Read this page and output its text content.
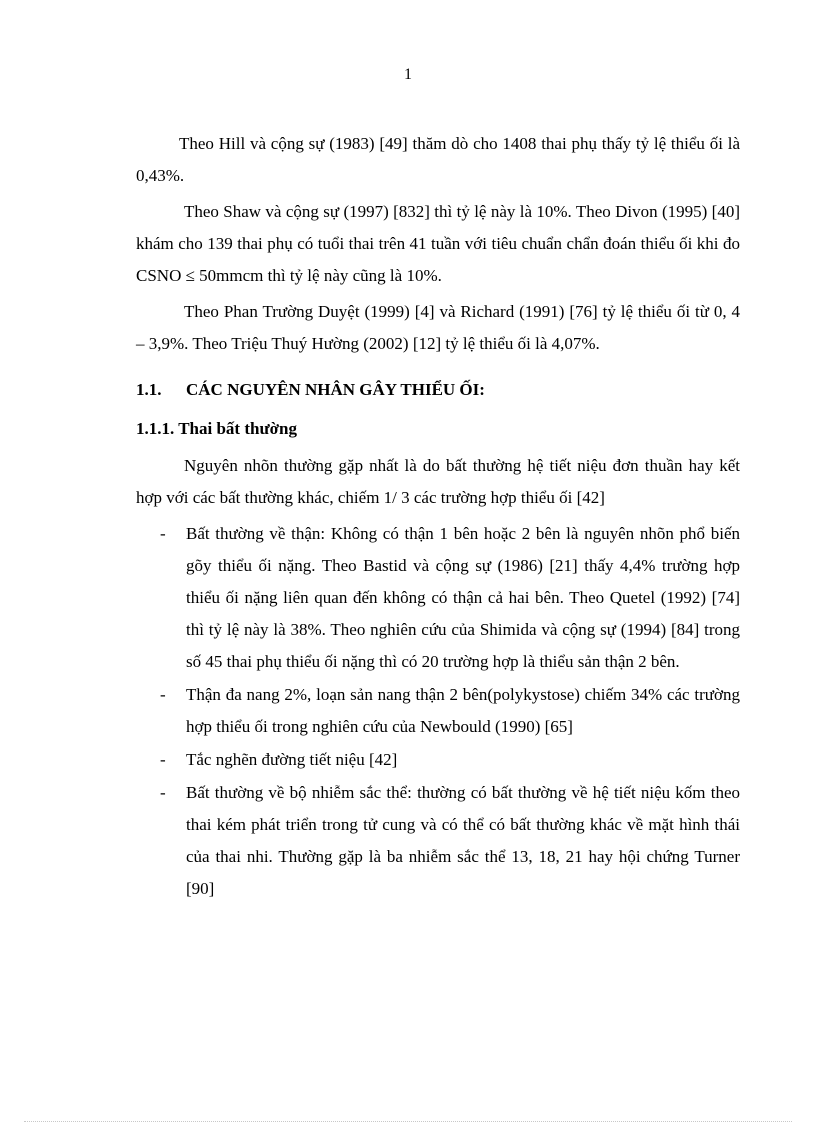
1

Theo Hill và cộng sự (1983) [49] thăm dò cho 1408 thai phụ thấy tỷ lệ thiểu ối là 0,43%.

Theo Shaw và cộng sự (1997) [832] thì tỷ lệ này là 10%. Theo Divon (1995) [40] khám cho 139 thai phụ có tuổi thai trên 41 tuần với tiêu chuẩn chẩn đoán thiểu ối khi đo CSNO ≤ 50mmcm thì tỷ lệ này cũng là 10%.

Theo Phan Trường Duyệt (1999) [4] và Richard (1991) [76] tỷ lệ thiểu ối từ 0, 4 – 3,9%. Theo Triệu Thuý Hường (2002) [12] tỷ lệ thiểu ối là 4,07%.

1.1. CÁC NGUYÊN NHÂN GÂY THIỂU ỐI:
1.1.1. Thai bất thường

Nguyên nhõn thường gặp nhất là do bất thường hệ tiết niệu đơn thuần hay kết hợp với các bất thường khác, chiếm 1/ 3 các trường hợp thiểu ối [42]

- Bất thường về thận: Không có thận 1 bên hoặc 2 bên là nguyên nhõn phổ biến gõy thiểu ối nặng. Theo Bastid và cộng sự (1986) [21] thấy 4,4% trường hợp thiểu ối nặng liên quan đến không có thận cả hai bên. Theo Quetel (1992) [74] thì tỷ lệ này là 38%. Theo nghiên cứu của Shimida và cộng sự (1994) [84] trong số 45 thai phụ thiểu ối nặng thì có 20 trường hợp là thiểu sản thận 2 bên.
- Thận đa nang 2%, loạn sản nang thận 2 bên(polykystose) chiếm 34% các trường hợp thiểu ối trong nghiên cứu của Newbould (1990) [65]
- Tắc nghẽn đường tiết niệu [42]
- Bất thường về bộ nhiễm sắc thể: thường có bất thường về hệ tiết niệu kốm theo thai kém phát triển trong tử cung và có thể có bất thường khác về mặt hình thái của thai nhi. Thường gặp là ba nhiễm sắc thể 13, 18, 21 hay hội chứng Turner [90]
